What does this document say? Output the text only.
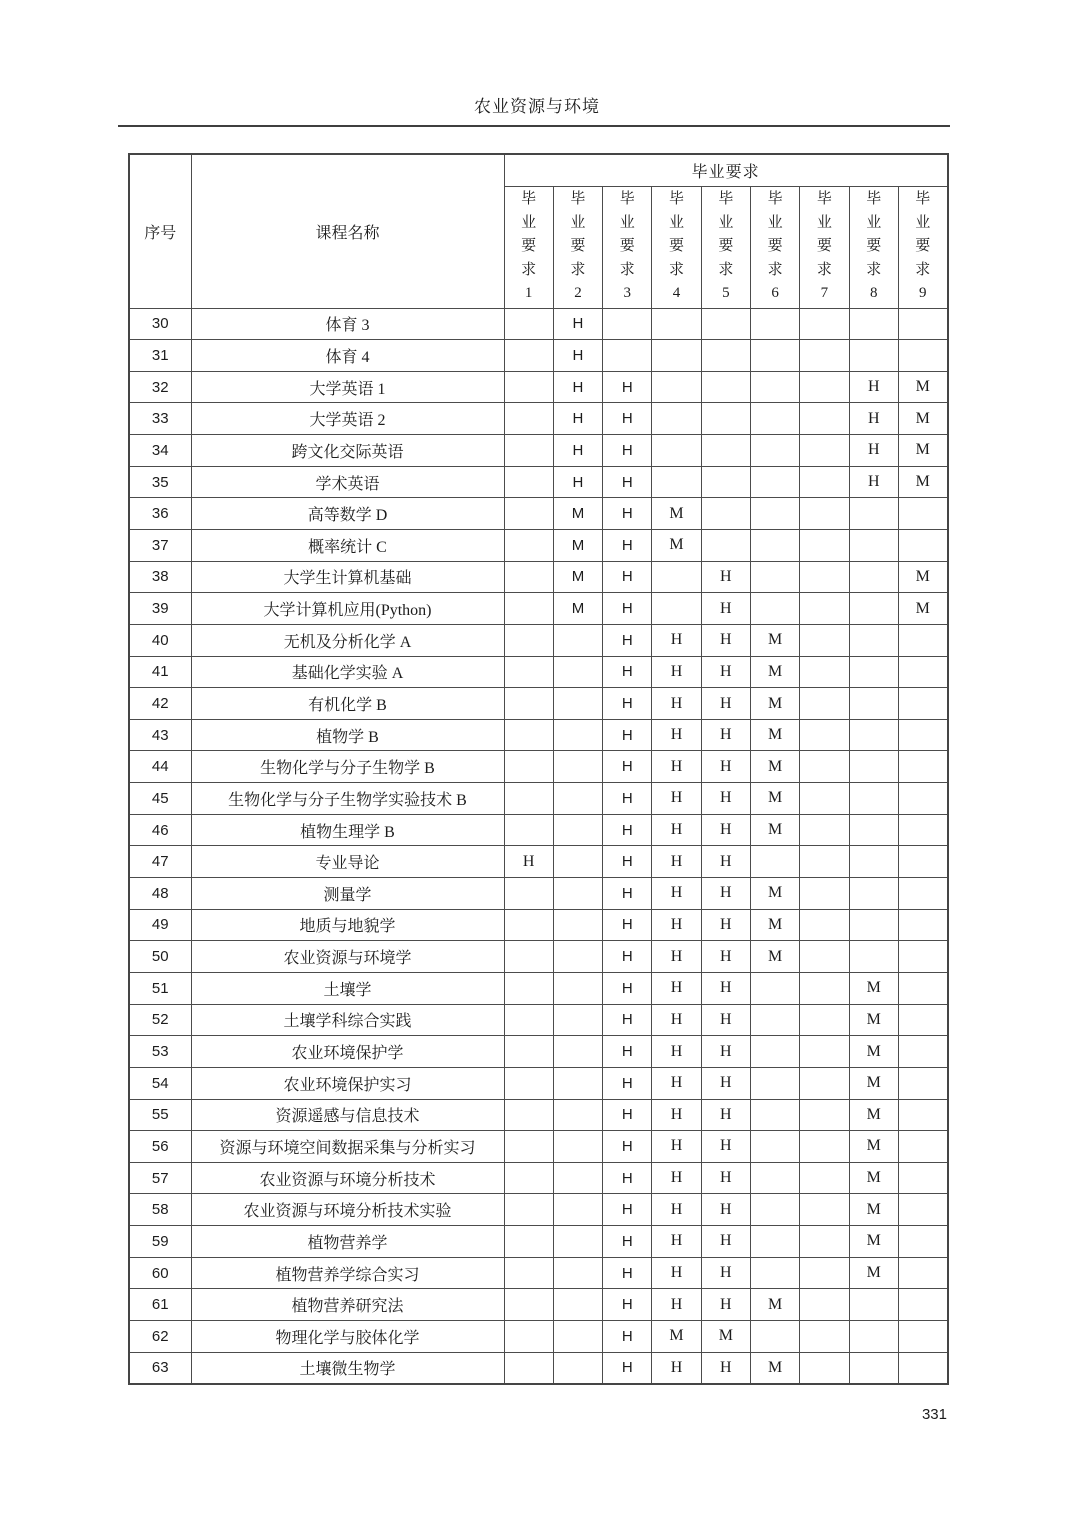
农业资源与环境
序号	课程名称	毕业要求								
		毕业要求1	毕业要求2	毕业要求3	毕业要求4	毕业要求5	毕业要求6	毕业要求7	毕业要求8	毕业要求9
30	体育 3		H							
31	体育 4		H							
32	大学英语 1		H	H					H	M
33	大学英语 2		H	H					H	M
34	跨文化交际英语		H	H					H	M
35	学术英语		H	H					H	M
36	高等数学 D		M	H	M					
37	概率统计 C		M	H	M					
38	大学生计算机基础		M	H		H				M
39	大学计算机应用(Python)		M	H		H				M
40	无机及分析化学 A			H	H	H	M			
41	基础化学实验 A			H	H	H	M			
42	有机化学 B			H	H	H	M			
43	植物学 B			H	H	H	M			
44	生物化学与分子生物学 B			H	H	H	M			
45	生物化学与分子生物学实验技术 B			H	H	H	M			
46	植物生理学 B			H	H	H	M			
47	专业导论	H		H	H	H				
48	测量学			H	H	H	M			
49	地质与地貌学			H	H	H	M			
50	农业资源与环境学			H	H	H	M			
51	土壤学			H	H	H			M	
52	土壤学科综合实践			H	H	H			M	
53	农业环境保护学			H	H	H			M	
54	农业环境保护实习			H	H	H			M	
55	资源遥感与信息技术			H	H	H			M	
56	资源与环境空间数据采集与分析实习			H	H	H			M	
57	农业资源与环境分析技术			H	H	H			M	
58	农业资源与环境分析技术实验			H	H	H			M	
59	植物营养学			H	H	H			M	
60	植物营养学综合实习			H	H	H			M	
61	植物营养研究法			H	H	H	M			
62	物理化学与胶体化学			H	M	M				
63	土壤微生物学			H	H	H	M			
331
